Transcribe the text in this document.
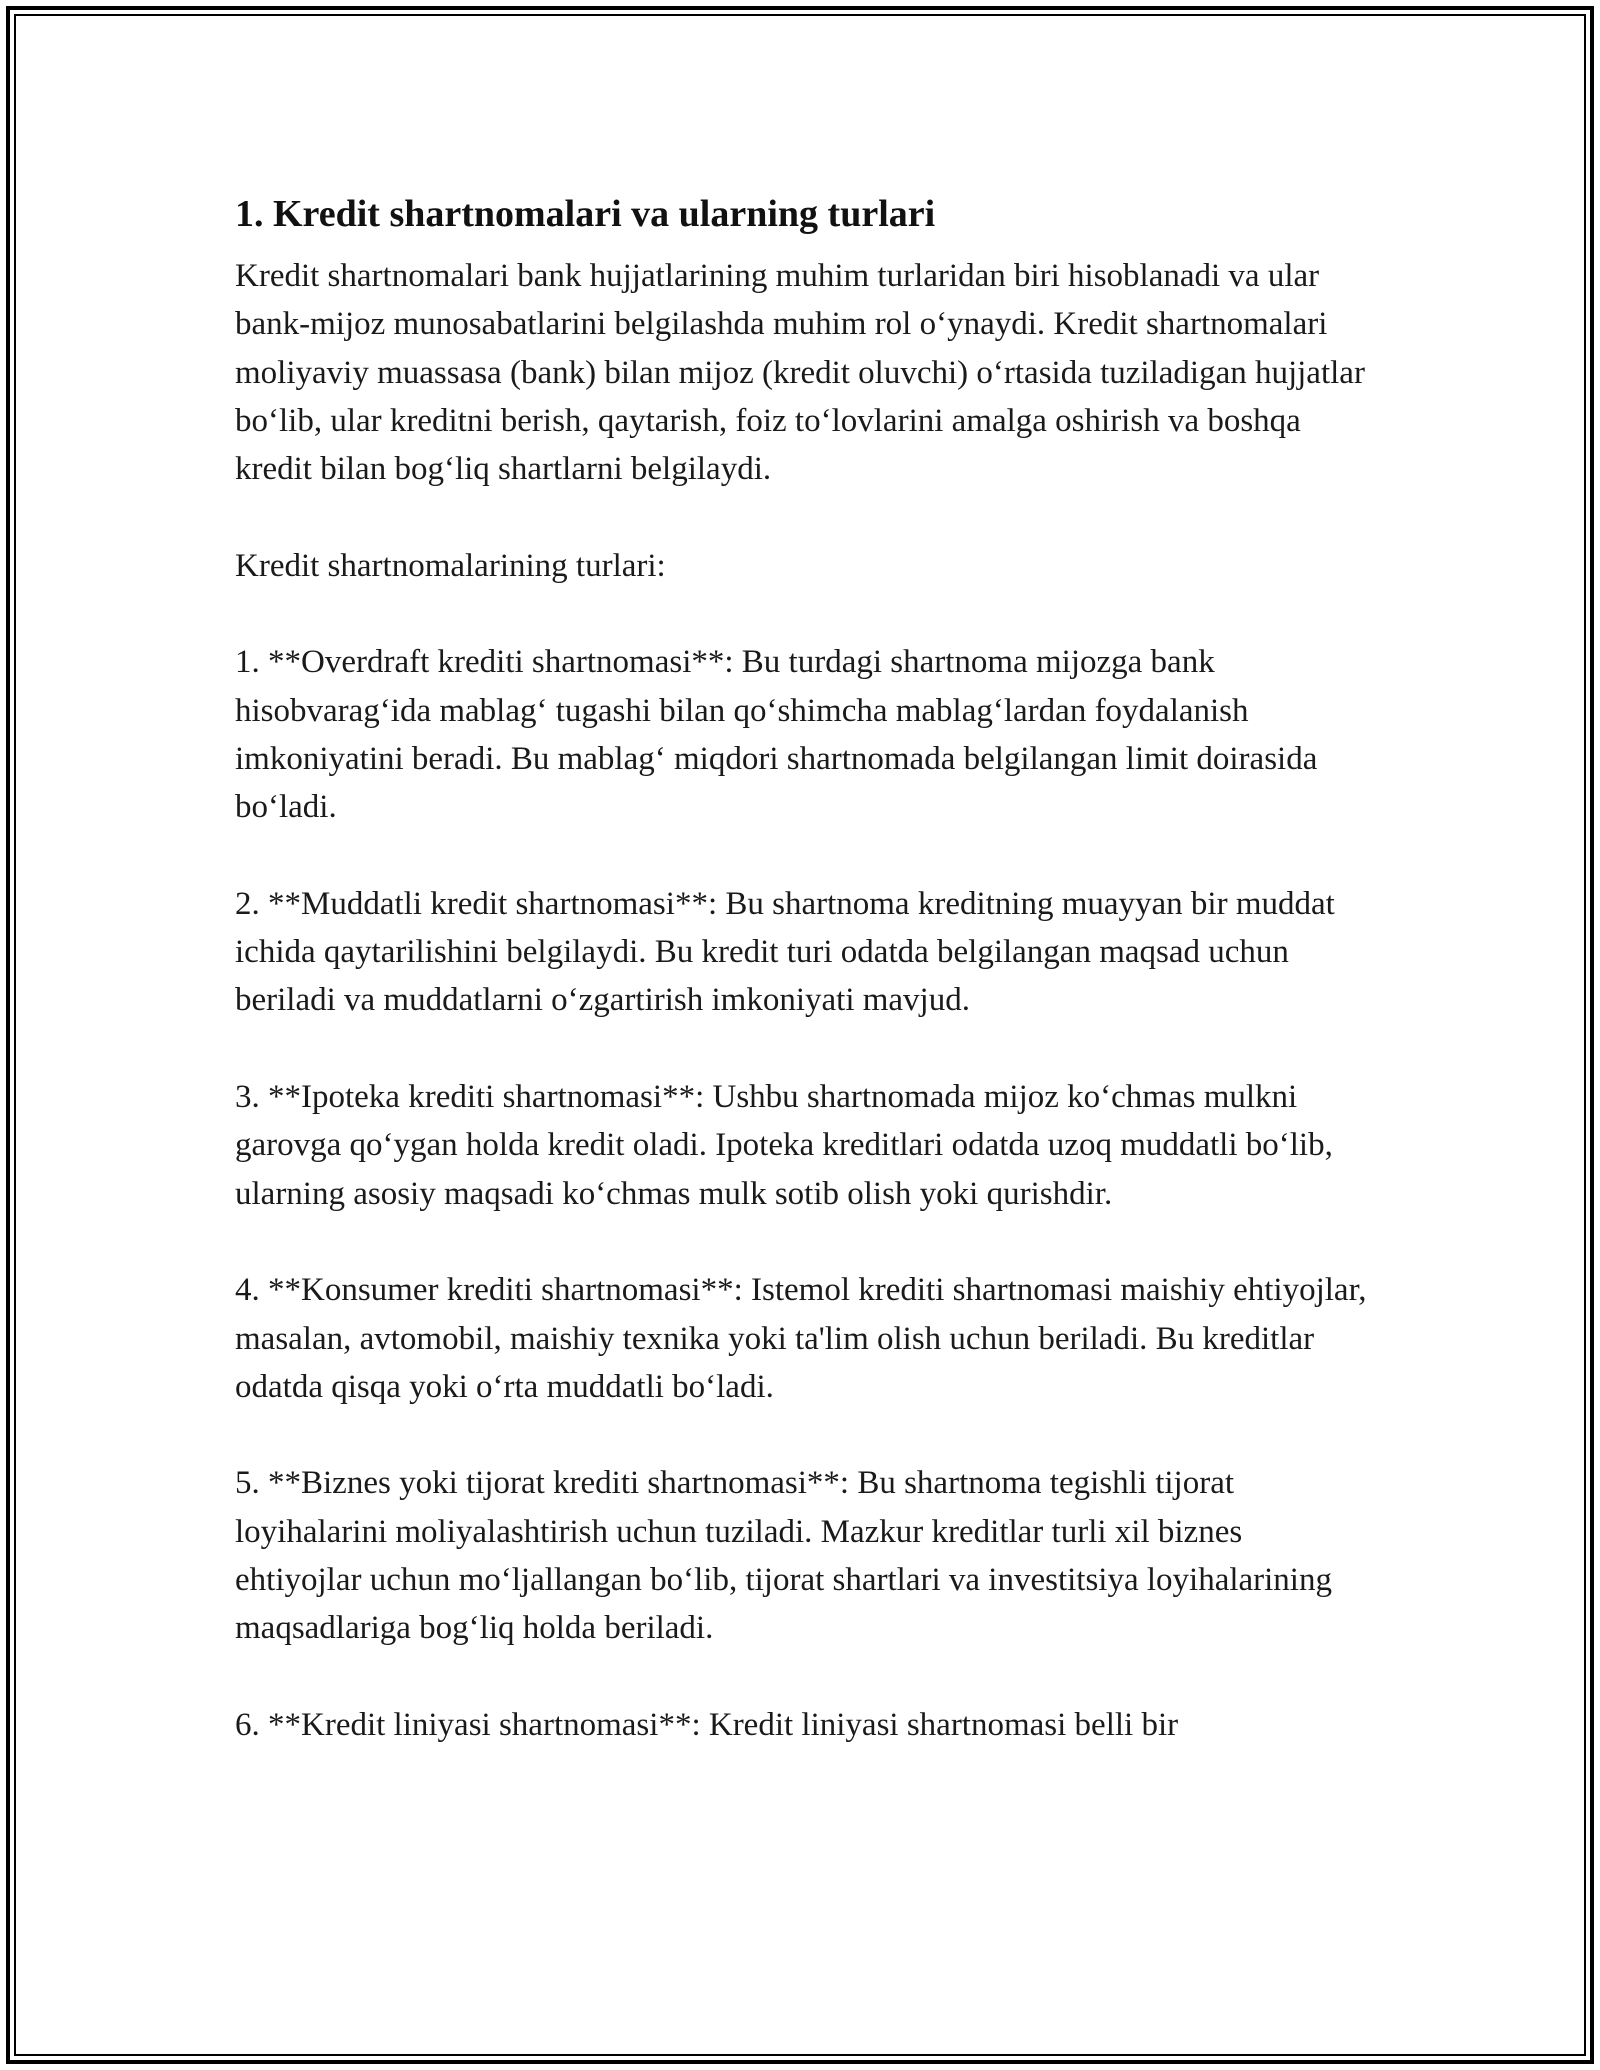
1. Kredit shartnomalari va ularning turlari

Kredit shartnomalari bank hujjatlarining muhim turlaridan biri hisoblanadi va ular bank-mijoz munosabatlarini belgilashda muhim rol o‘ynaydi. Kredit shartnomalari moliyaviy muassasa (bank) bilan mijoz (kredit oluvchi) o‘rtasida tuziladigan hujjatlar bo‘lib, ular kreditni berish, qaytarish, foiz to‘lovlarini amalga oshirish va boshqa kredit bilan bog‘liq shartlarni belgilaydi.

Kredit shartnomalarining turlari:

1. **Overdraft krediti shartnomasi**: Bu turdagi shartnoma mijozga bank hisobvarag‘ida mablag‘ tugashi bilan qo‘shimcha mablag‘lardan foydalanish imkoniyatini beradi. Bu mablag‘ miqdori shartnomada belgilangan limit doirasida bo‘ladi.

2. **Muddatli kredit shartnomasi**: Bu shartnoma kreditning muayyan bir muddat ichida qaytarilishini belgilaydi. Bu kredit turi odatda belgilangan maqsad uchun beriladi va muddatlarni o‘zgartirish imkoniyati mavjud.

3. **Ipoteka krediti shartnomasi**: Ushbu shartnomada mijoz ko‘chmas mulkni garovga qo‘ygan holda kredit oladi. Ipoteka kreditlari odatda uzoq muddatli bo‘lib, ularning asosiy maqsadi ko‘chmas mulk sotib olish yoki qurishdir.

4. **Konsumer krediti shartnomasi**: Istemol krediti shartnomasi maishiy ehtiyojlar, masalan, avtomobil, maishiy texnika yoki ta'lim olish uchun beriladi. Bu kreditlar odatda qisqa yoki o‘rta muddatli bo‘ladi.

5. **Biznes yoki tijorat krediti shartnomasi**: Bu shartnoma tegishli tijorat loyihalarini moliyalashtirish uchun tuziladi. Mazkur kreditlar turli xil biznes ehtiyojlar uchun mo‘ljallangan bo‘lib, tijorat shartlari va investitsiya loyihalarining maqsadlariga bog‘liq holda beriladi.

6. **Kredit liniyasi shartnomasi**: Kredit liniyasi shartnomasi belli bir
